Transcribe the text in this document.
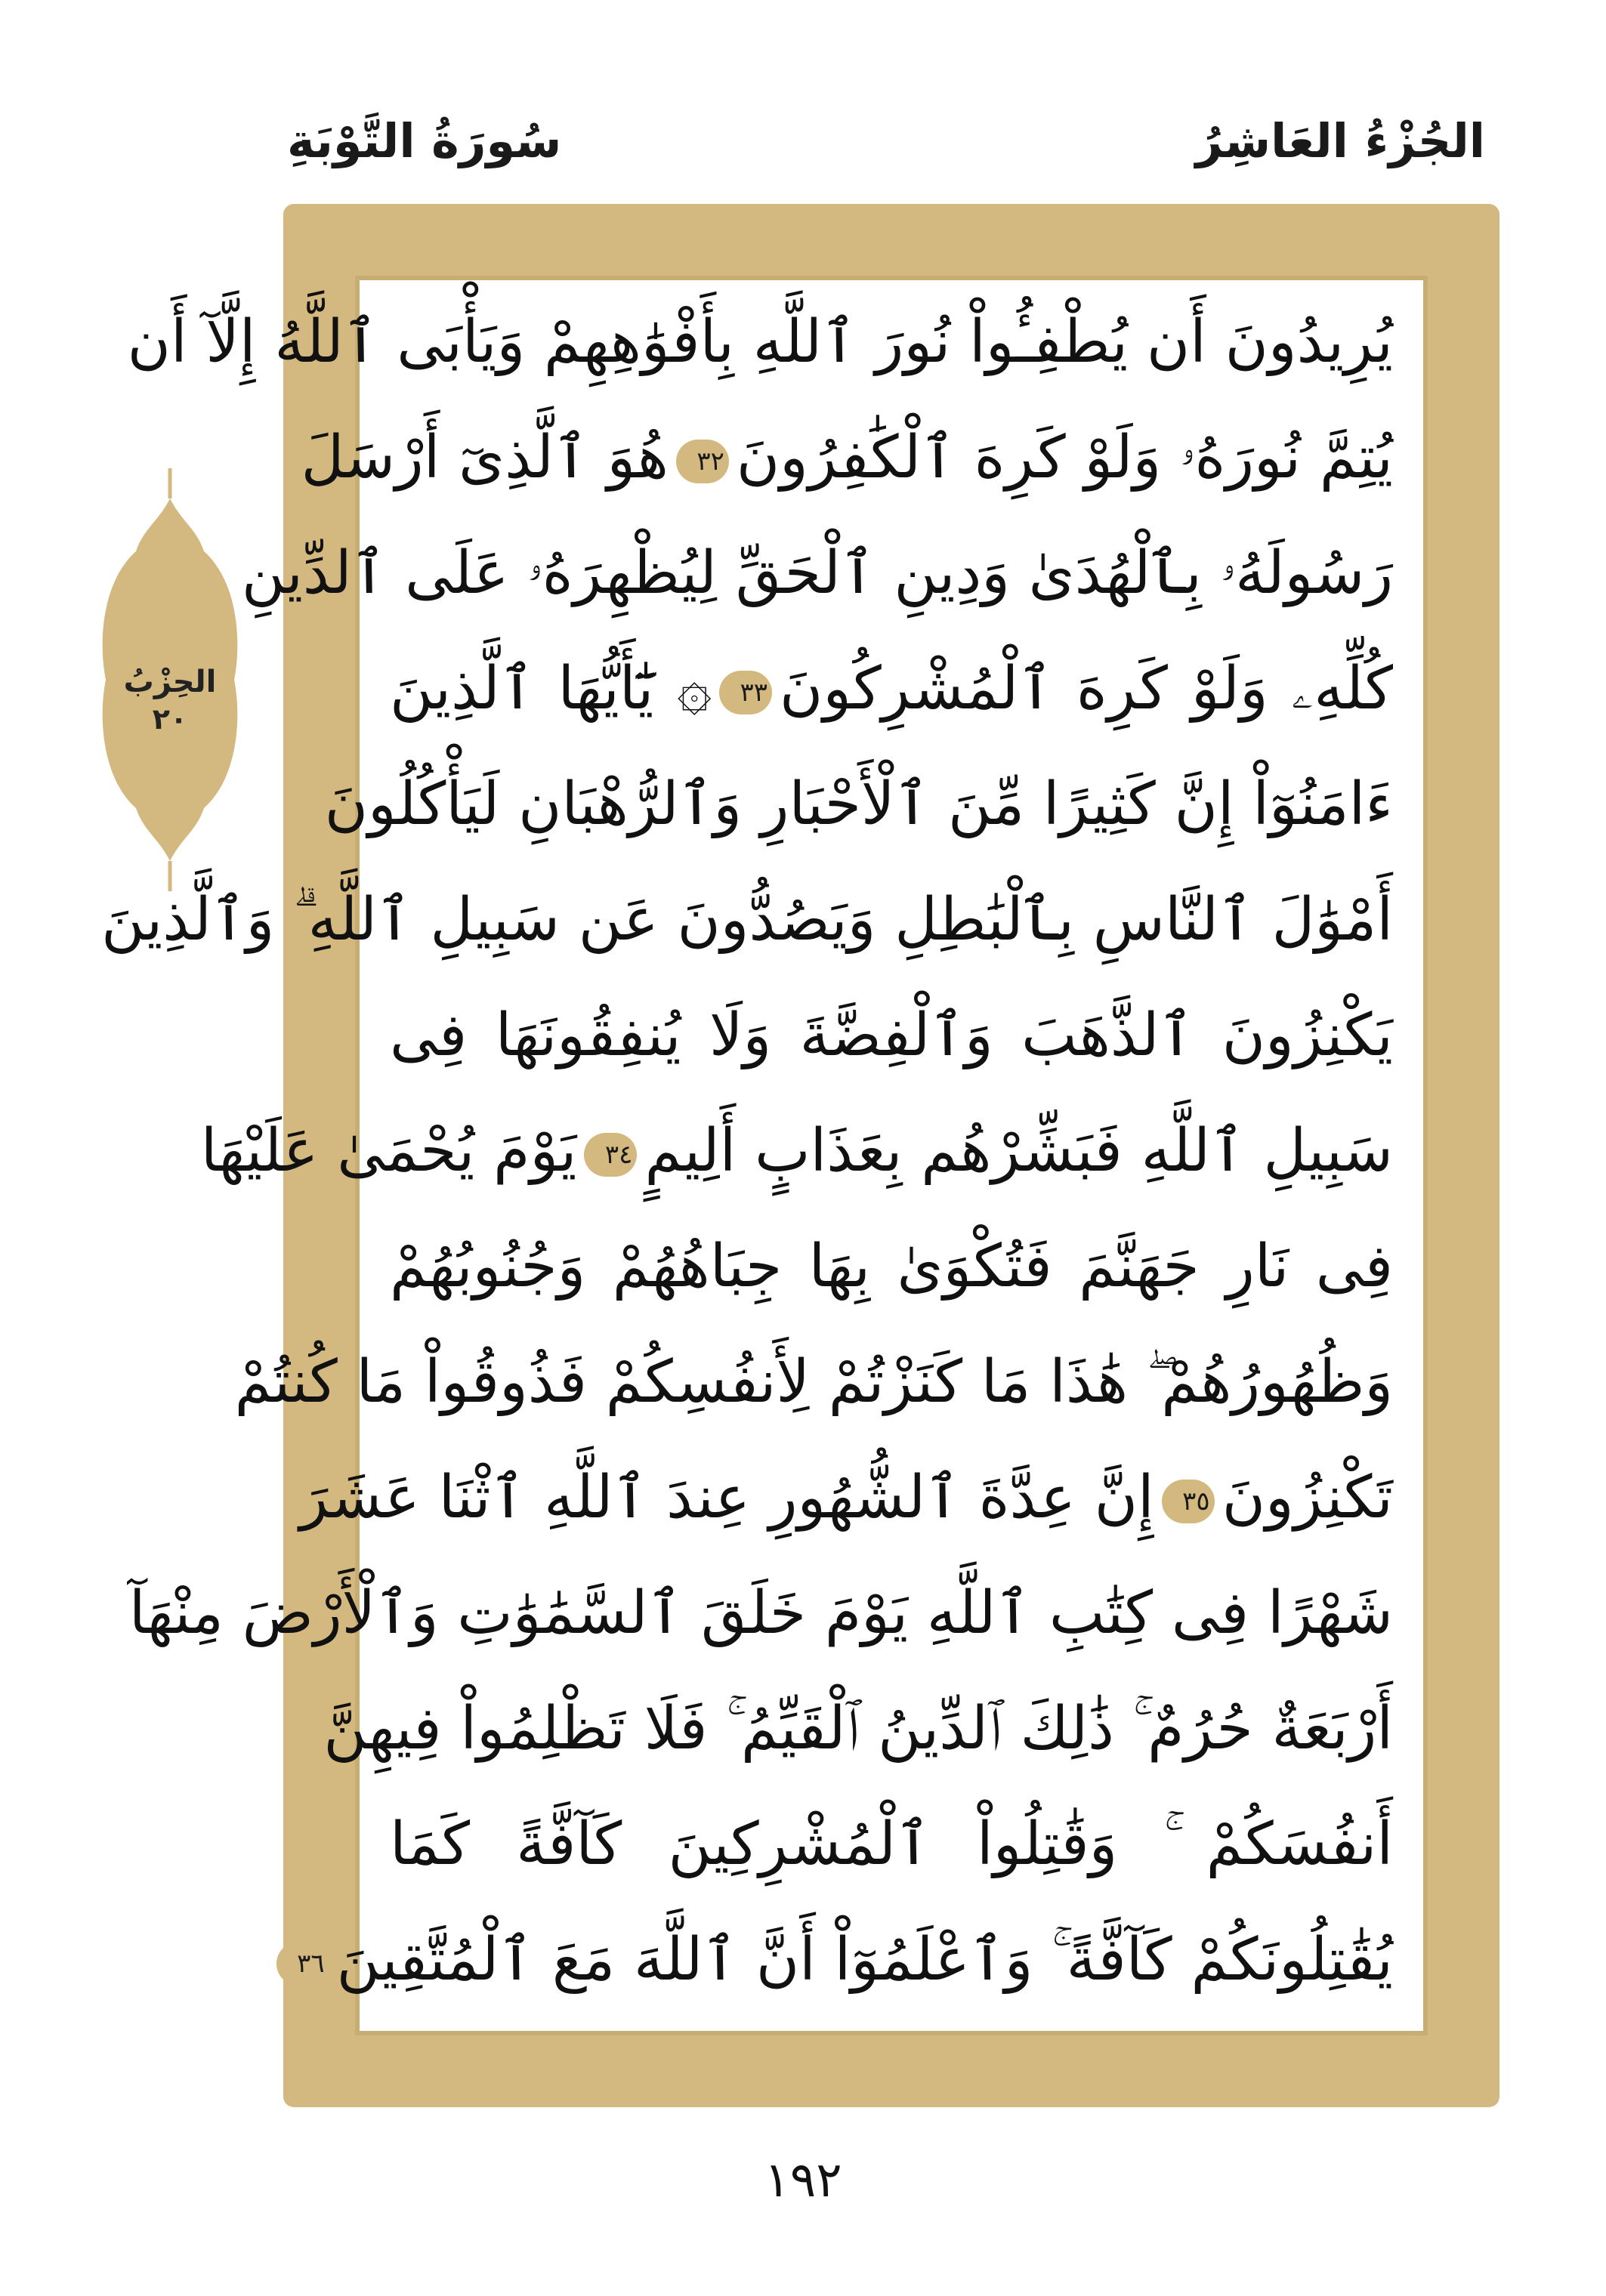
سُورَةُ التَّوْبَةِ	الجُزْءُ العَاشِرُ
يُرِيدُونَ أَن يُطْفِـُٔواْ نُورَ ٱللَّهِ بِأَفْوَٰهِهِمْ وَيَأْبَى ٱللَّهُ إِلَّآ أَن
يُتِمَّ نُورَهُۥ وَلَوْ كَرِهَ ٱلْكَٰفِرُونَ٣٢هُوَ ٱلَّذِىٓ أَرْسَلَ
رَسُولَهُۥ بِٱلْهُدَىٰ وَدِينِ ٱلْحَقِّ لِيُظْهِرَهُۥ عَلَى ٱلدِّينِ
كُلِّهِۦ وَلَوْ كَرِهَ ٱلْمُشْرِكُونَ٣٣۞ يَٰٓأَيُّهَا ٱلَّذِينَ
ءَامَنُوٓاْ إِنَّ كَثِيرًا مِّنَ ٱلْأَحْبَارِ وَٱلرُّهْبَانِ لَيَأْكُلُونَ
أَمْوَٰلَ ٱلنَّاسِ بِٱلْبَٰطِلِ وَيَصُدُّونَ عَن سَبِيلِ ٱللَّهِ ۗ وَٱلَّذِينَ
يَكْنِزُونَ ٱلذَّهَبَ وَٱلْفِضَّةَ وَلَا يُنفِقُونَهَا فِى
سَبِيلِ ٱللَّهِ فَبَشِّرْهُم بِعَذَابٍ أَلِيمٍ٣٤يَوْمَ يُحْمَىٰ عَلَيْهَا
فِى نَارِ جَهَنَّمَ فَتُكْوَىٰ بِهَا جِبَاهُهُمْ وَجُنُوبُهُمْ
وَظُهُورُهُمْ ۖ هَٰذَا مَا كَنَزْتُمْ لِأَنفُسِكُمْ فَذُوقُواْ مَا كُنتُمْ
تَكْنِزُونَ٣٥إِنَّ عِدَّةَ ٱلشُّهُورِ عِندَ ٱللَّهِ ٱثْنَا عَشَرَ
شَهْرًا فِى كِتَٰبِ ٱللَّهِ يَوْمَ خَلَقَ ٱلسَّمَٰوَٰتِ وَٱلْأَرْضَ مِنْهَآ
أَرْبَعَةٌ حُرُمٌ ۚ ذَٰلِكَ ٱلدِّينُ ٱلْقَيِّمُ ۚ فَلَا تَظْلِمُواْ فِيهِنَّ
أَنفُسَكُمْ ۚ وَقَٰتِلُواْ ٱلْمُشْرِكِينَ كَآفَّةً كَمَا
يُقَٰتِلُونَكُمْ كَآفَّةً ۚ وَٱعْلَمُوٓاْ أَنَّ ٱللَّهَ مَعَ ٱلْمُتَّقِينَ٣٦
الحِزْبُ
٢٠
١٩٢
